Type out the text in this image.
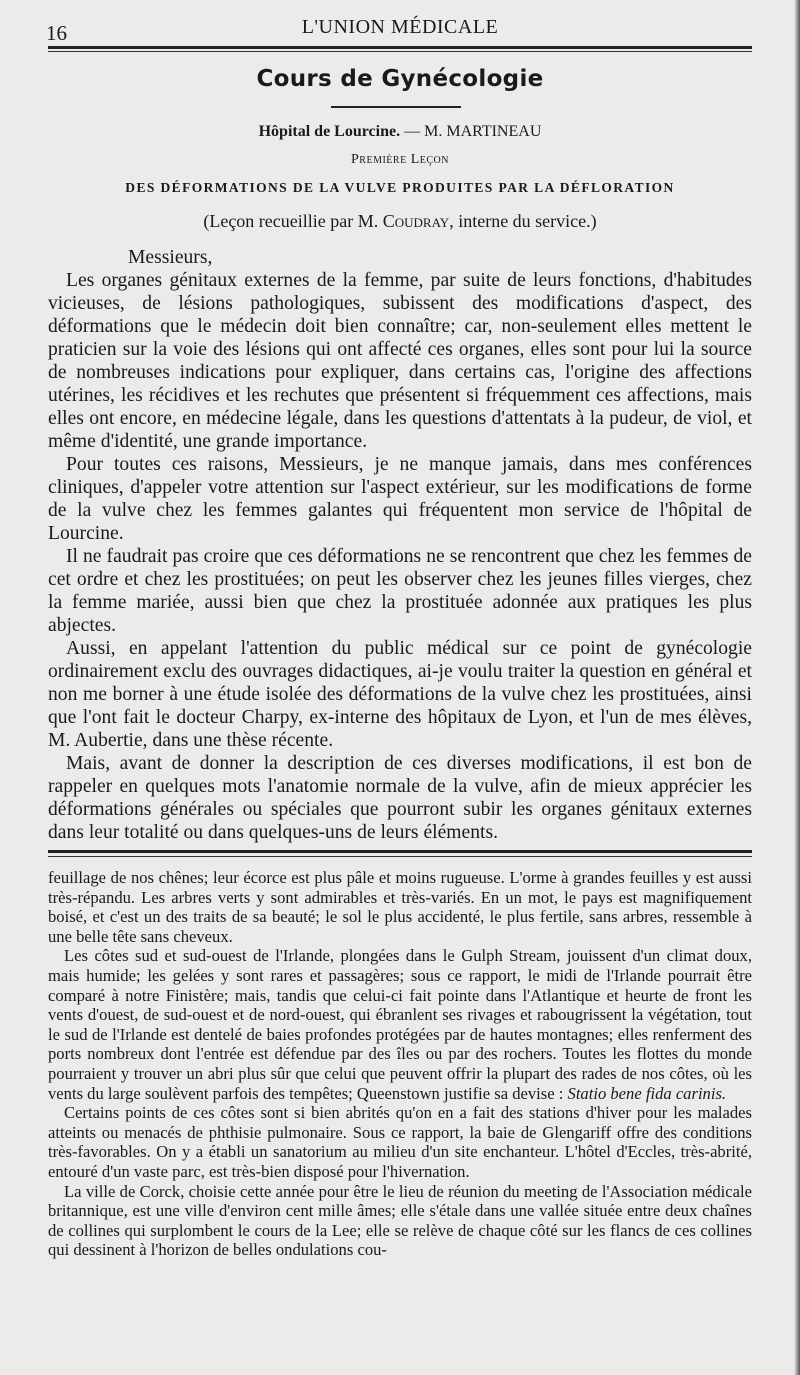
16	L'UNION MÉDICALE
Cours de Gynécologie
Hôpital de Lourcine. — M. MARTINEAU
Première Leçon
DES DÉFORMATIONS DE LA VULVE PRODUITES PAR LA DÉFLORATION
(Leçon recueillie par M. Coudray, interne du service.)

Messieurs,

Les organes génitaux externes de la femme, par suite de leurs fonctions, d'habitudes vicieuses, de lésions pathologiques, subissent des modifications d'aspect, des déformations que le médecin doit bien connaître; car, non-seulement elles mettent le praticien sur la voie des lésions qui ont affecté ces organes, elles sont pour lui la source de nombreuses indications pour expliquer, dans certains cas, l'origine des affections utérines, les récidives et les rechutes que présentent si fréquemment ces affections, mais elles ont encore, en médecine légale, dans les questions d'attentats à la pudeur, de viol, et même d'identité, une grande importance.

Pour toutes ces raisons, Messieurs, je ne manque jamais, dans mes conférences cliniques, d'appeler votre attention sur l'aspect extérieur, sur les modifications de forme de la vulve chez les femmes galantes qui fréquentent mon service de l'hôpital de Lourcine.

Il ne faudrait pas croire que ces déformations ne se rencontrent que chez les femmes de cet ordre et chez les prostituées; on peut les observer chez les jeunes filles vierges, chez la femme mariée, aussi bien que chez la prostituée adonnée aux pratiques les plus abjectes.

Aussi, en appelant l'attention du public médical sur ce point de gynécologie ordinairement exclu des ouvrages didactiques, ai-je voulu traiter la question en général et non me borner à une étude isolée des déformations de la vulve chez les prostituées, ainsi que l'ont fait le docteur Charpy, ex-interne des hôpitaux de Lyon, et l'un de mes élèves, M. Aubertie, dans une thèse récente.

Mais, avant de donner la description de ces diverses modifications, il est bon de rappeler en quelques mots l'anatomie normale de la vulve, afin de mieux apprécier les déformations générales ou spéciales que pourront subir les organes génitaux externes dans leur totalité ou dans quelques-uns de leurs éléments.

feuillage de nos chênes; leur écorce est plus pâle et moins rugueuse. L'orme à grandes feuilles y est aussi très-répandu. Les arbres verts y sont admirables et très-variés. En un mot, le pays est magnifiquement boisé, et c'est un des traits de sa beauté; le sol le plus accidenté, le plus fertile, sans arbres, ressemble à une belle tête sans cheveux.

Les côtes sud et sud-ouest de l'Irlande, plongées dans le Gulph Stream, jouissent d'un climat doux, mais humide; les gelées y sont rares et passagères; sous ce rapport, le midi de l'Irlande pourrait être comparé à notre Finistère; mais, tandis que celui-ci fait pointe dans l'Atlantique et heurte de front les vents d'ouest, de sud-ouest et de nord-ouest, qui ébranlent ses rivages et rabougrissent la végétation, tout le sud de l'Irlande est dentelé de baies profondes protégées par de hautes montagnes; elles renferment des ports nombreux dont l'entrée est défendue par des îles ou par des rochers. Toutes les flottes du monde pourraient y trouver un abri plus sûr que celui que peuvent offrir la plupart des rades de nos côtes, où les vents du large soulèvent parfois des tempêtes; Queenstown justifie sa devise : Statio bene fida carinis.

Certains points de ces côtes sont si bien abrités qu'on en a fait des stations d'hiver pour les malades atteints ou menacés de phthisie pulmonaire. Sous ce rapport, la baie de Glengariff offre des conditions très-favorables. On y a établi un sanatorium au milieu d'un site enchanteur. L'hôtel d'Eccles, très-abrité, entouré d'un vaste parc, est très-bien disposé pour l'hivernation.

La ville de Corck, choisie cette année pour être le lieu de réunion du meeting de l'Association médicale britannique, est une ville d'environ cent mille âmes; elle s'étale dans une vallée située entre deux chaînes de collines qui surplombent le cours de la Lee; elle se relève de chaque côté sur les flancs de ces collines qui dessinent à l'horizon de belles ondulations cou-
